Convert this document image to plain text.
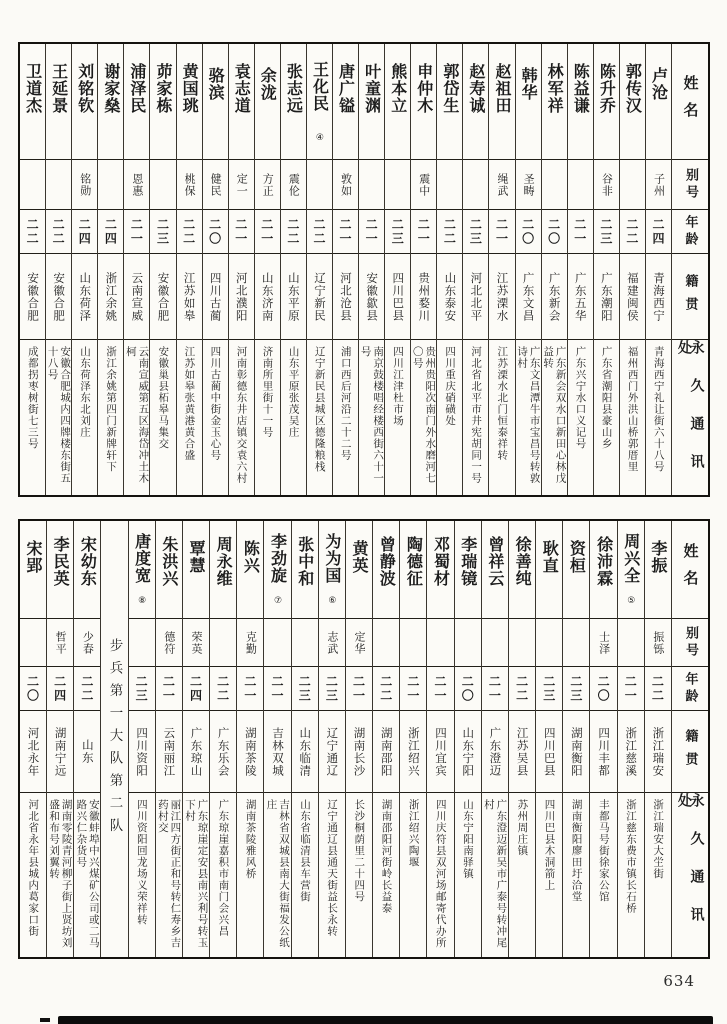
姓名
别号
年龄
籍贯
永久通讯处
卢沧
子州
二四
青海西宁
青海西宁礼让街六十八号
郭传汉
二二
福建闽侯
福州西门外洪山桥郭厝里
陈升乔
谷非
二三
广东潮阳
广东省潮阳县豪山乡
陈益谦
二一
广东五华
广东兴宁水口义记号
林军祥
二〇
广东新会
广东新会双水口新田心林戊益转
韩华
圣畴
二〇
广东文昌
广东文昌潭牛市宝昌号转敦诗村
赵祖田
绳武
二一
江苏溧水
江苏溧水北门恒泰祥转
赵寿诚
二三
河北北平
河北省北平市井宪胡同一号
郭岱生
二二
山东泰安
四川重庆硝磺处
申仲木
震中
二一
贵州婺川
贵州贵阳次南门外水磨河七〇号
熊本立
二三
四川巴县
四川江津杜市场
叶童渊
二一
安徽歙县
南京鼓楼唱经楼西街六十一号
唐广镒
敦如
二一
河北沧县
浦口西后河沿二十二号
王化民
④
二二
辽宁新民
辽宁新民县城区德隆粮栈
张志远
震伦
二二
山东平原
山东平原张茂吴庄
余泷
方正
二一
山东济南
济南所里街十一号
袁志道
定一
二一
河北濮阳
河南彰德东井店镇交袁六村
骆滨
健民
二〇
四川古蔺
四川古蔺中街金玉心号
黄国珧
桃保
二二
江苏如皋
江苏如皋张黄港黄合盛
茆家栋
二三
安徽合肥
安徽巢县柘皋马集交
浦泽民
恩惠
二一
云南宣威
云南宣威第五区海岱冲土木柯
谢家燊
二四
浙江余姚
浙江余姚第四门新牌轩下
刘铭钦
铭勋
二四
山东荷泽
山东荷泽东北刘庄
王延景
二二
安徽合肥
安徽合肥城内四牌楼东街五十八号
卫道杰
二二
安徽合肥
成都拐枣树街七三号
姓名
别号
年龄
籍贯
永久通讯处
李振
振铄
二二
浙江瑞安
浙江瑞安大坣街
周兴全
⑤
二一
浙江慈溪
浙江慈东费市镇长石桥
徐沛霖
士泽
二〇
四川丰都
丰都马号街徐家公馆
资桓
二三
湖南衡阳
湖南衡阳廖田圩洽堂
耿直
二三
四川巴县
四川巴县木洞箭上
徐善纯
二二
江苏吴县
苏州周庄镇
曾祥云
二一
广东澄迈
广东澄迈新吴市广泰号转冲尾村
李瑞镜
二〇
山东宁阳
山东宁阳南驿镇
邓蜀材
二一
四川宜宾
四川庆符县双河场邮寄代办所
陶德征
二一
浙江绍兴
浙江绍兴陶堰
曾静波
二二
湖南邵阳
湖南邵阳河街岭长益泰
黄英
定华
二一
湖南长沙
长沙桐荫里二十四号
为为国
⑥
志武
二三
辽宁通辽
辽宁通辽县通天街益长永转
张中和
二三
山东临清
山东省临清县车营街
李劲旋
⑦
二一
吉林双城
吉林省双城县南大街福发公纸庄
陈兴
克勤
二一
湖南茶陵
湖南茶陵雅风桥
周永维
二二
广东乐会
广东琼崖嘉积市南门会兴昌
覃慧
荣英
二四
广东琼山
广东琼崖定安县南兴利号转玉下村
朱洪兴
德符
二一
云南丽江
丽江四方街正和号转仁寿乡吉药村交
唐度宽
⑧
二三
四川资阳
四川资阳回龙场义荣祥转
步兵第一大队第二队
宋幼东
少春
二二
山东
安徽蚌埠中兴煤矿公司或二马路兴仁杂货号
李民英
哲平
二四
湖南宁远
湖南零陵青河柳子街上贤坊刘盛和布号刘翼转
宋郢
二〇
河北永年
河北省永年县城内葛家口街
634
